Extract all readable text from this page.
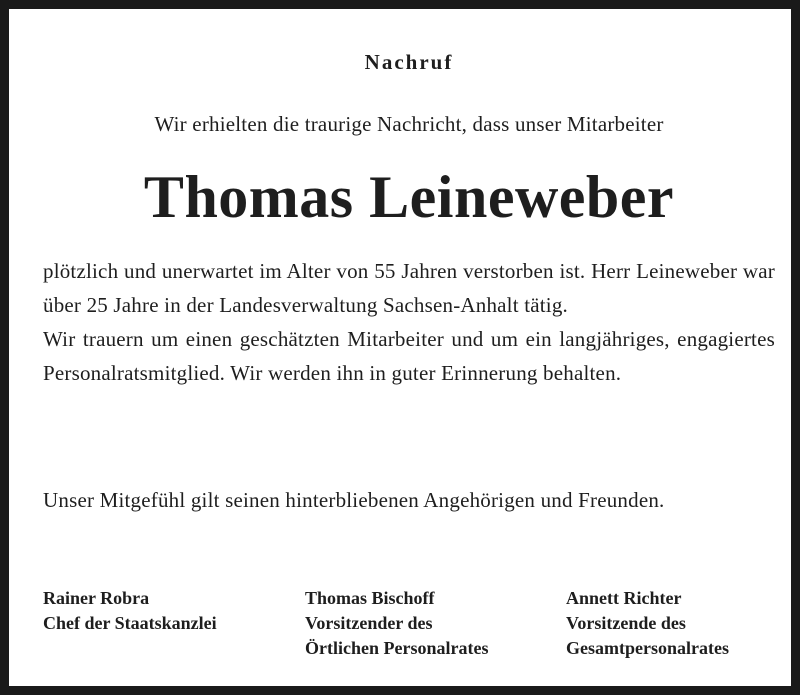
Nachruf
Wir erhielten die traurige Nachricht, dass unser Mitarbeiter
Thomas Leineweber

plötzlich und unerwartet im Alter von 55 Jahren verstorben ist. Herr Leineweber war über 25 Jahre in der Landesverwaltung Sachsen-Anhalt tätig.

Wir trauern um einen geschätzten Mitarbeiter und um ein langjähriges, engagiertes Personalratsmitglied. Wir werden ihn in guter Erinnerung behalten.

Unser Mitgefühl gilt seinen hinterbliebenen Angehörigen und Freunden.

Rainer Robra
Chef der Staatskanzlei
Thomas Bischoff
Vorsitzender des
Örtlichen Personalrates
Annett Richter
Vorsitzende des
Gesamtpersonalrates
